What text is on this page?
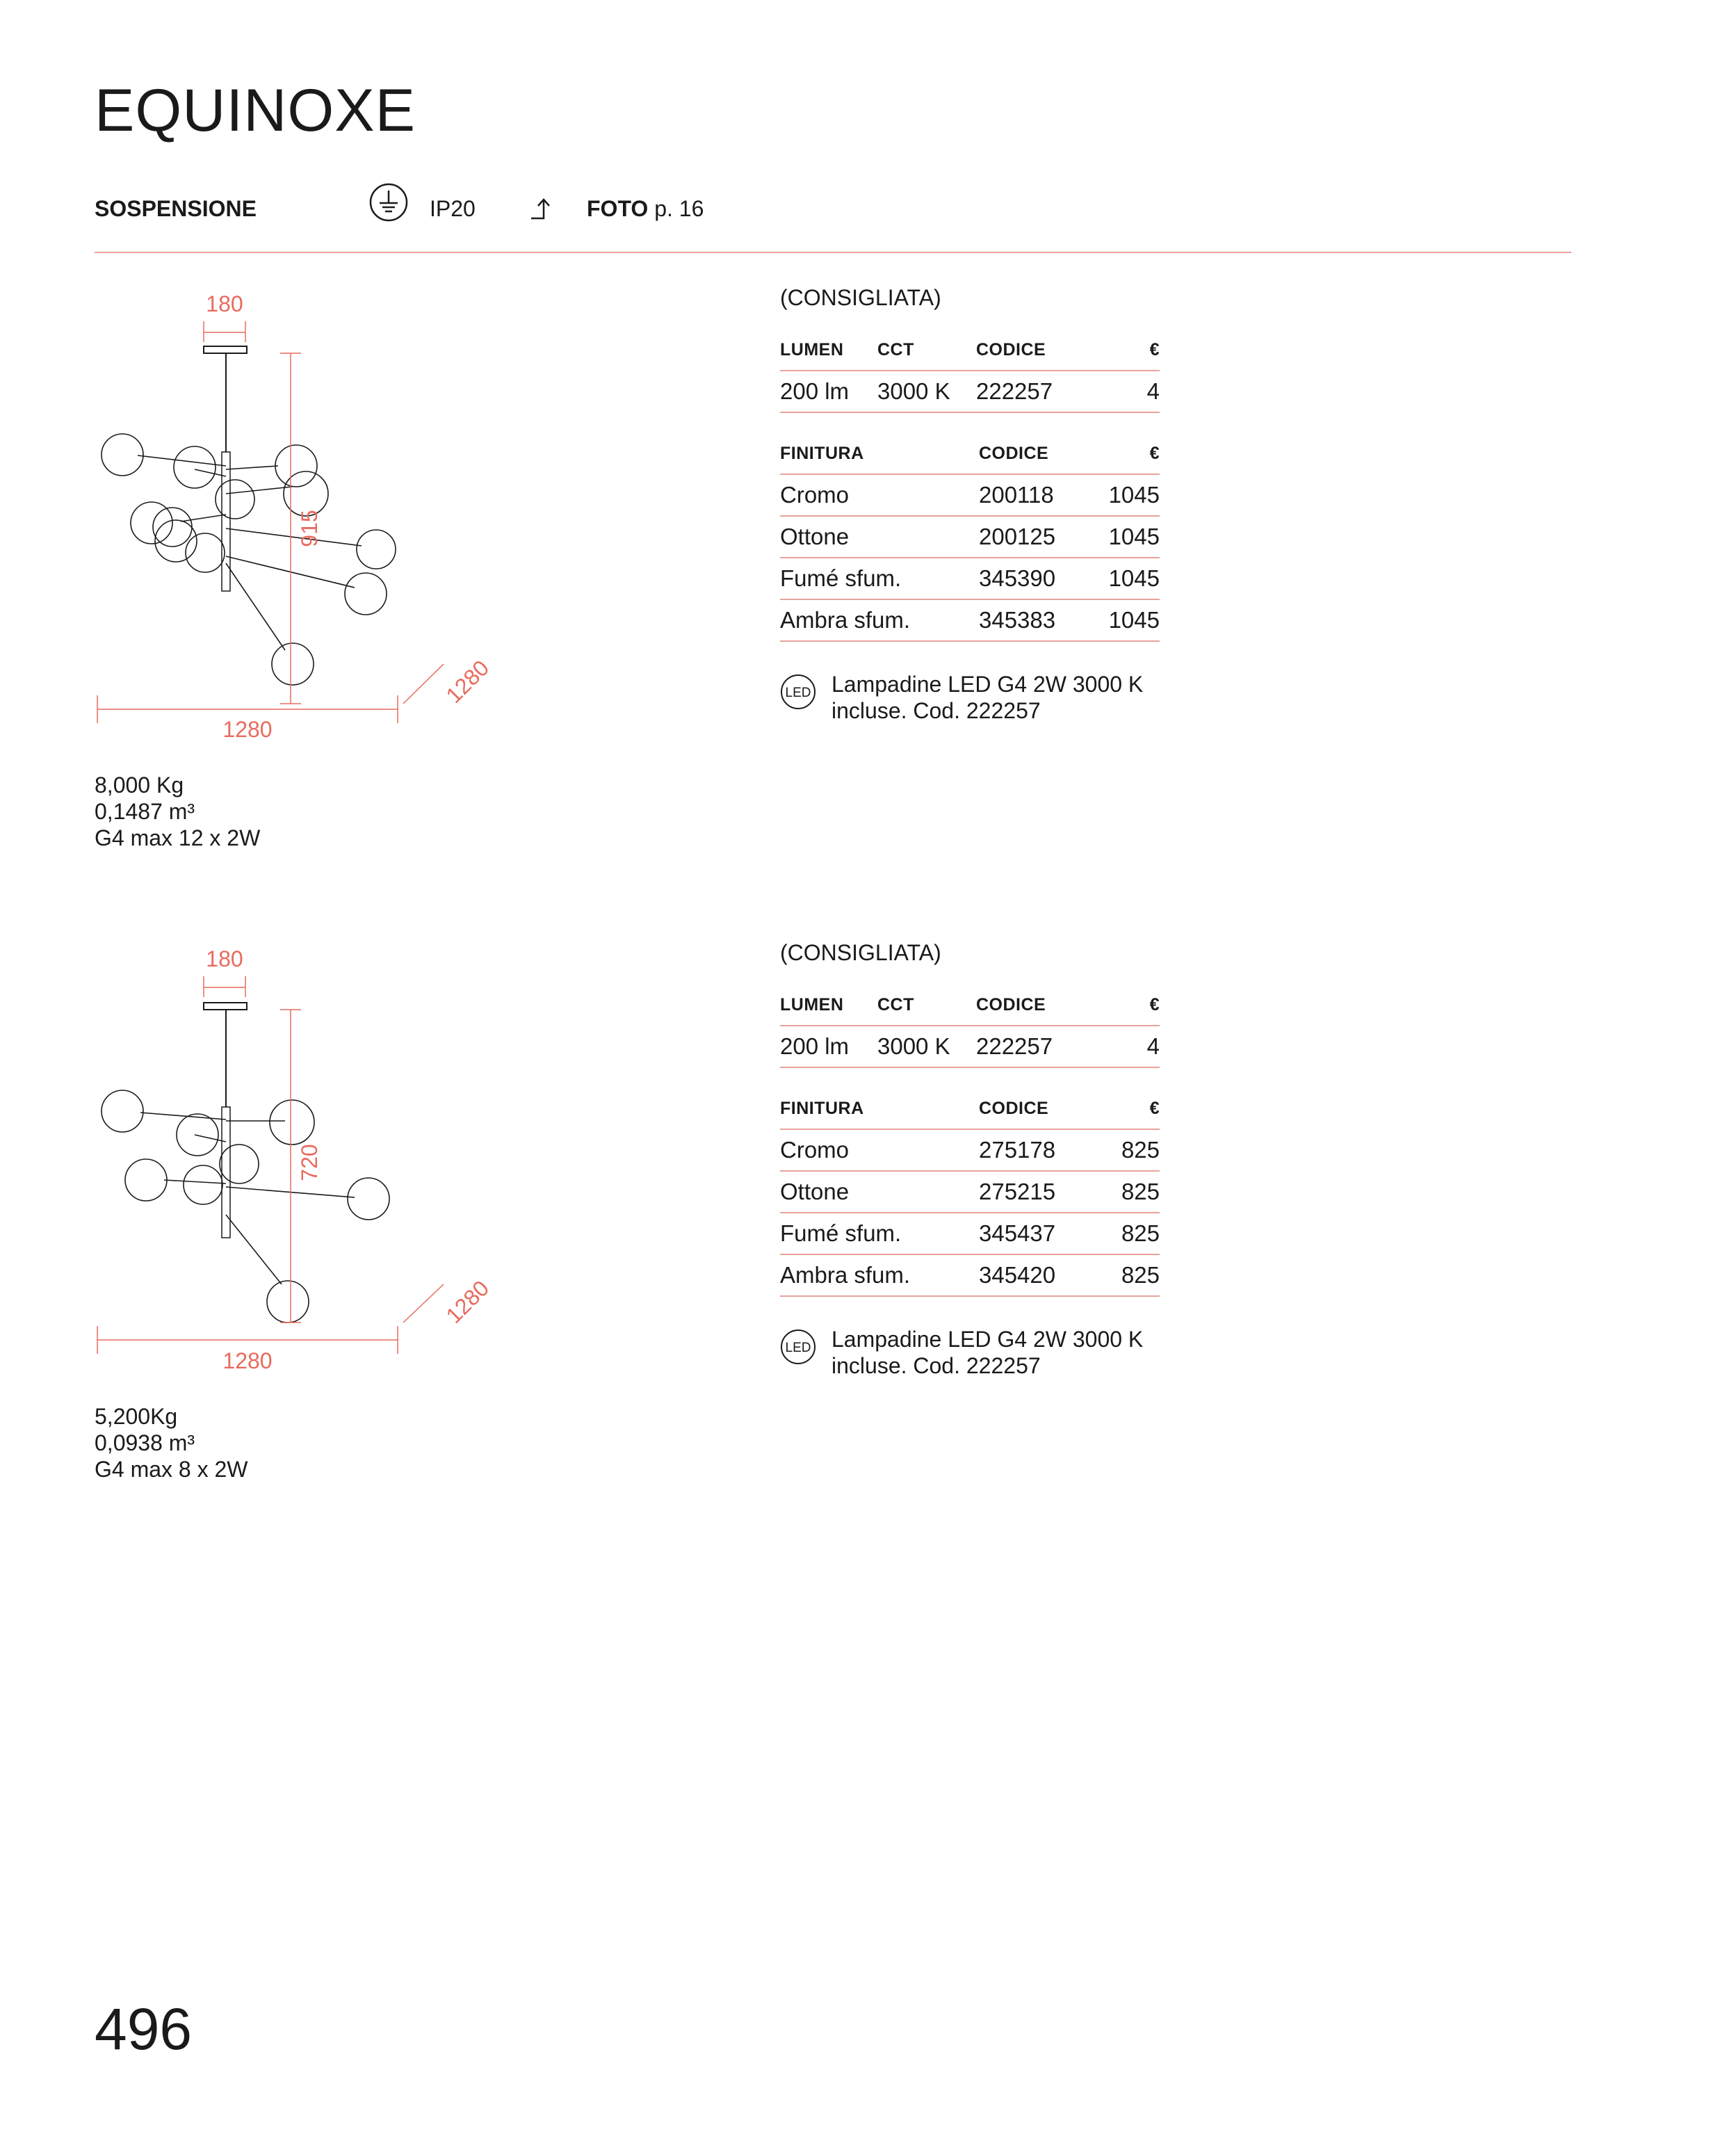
EQUINOXE
SOSPENSIONE	IP20	FOTO p. 16
180
915
1280
1280
8,000 Kg
0,1487 m³
G4 max 12 x 2W
(CONSIGLIATA)
LUMEN	CCT	CODICE	€
200 lm	3000 K	222257	4
FINITURA	CODICE	€
Cromo	200118	1045
Ottone	200125	1045
Fumé sfum.	345390	1045
Ambra sfum.	345383	1045
LED Lampadine LED G4 2W 3000 K
incluse. Cod. 222257
180
720
1280
1280
5,200Kg
0,0938 m³
G4 max 8 x 2W
(CONSIGLIATA)
LUMEN	CCT	CODICE	€
200 lm	3000 K	222257	4
FINITURA	CODICE	€
Cromo	275178	825
Ottone	275215	825
Fumé sfum.	345437	825
Ambra sfum.	345420	825
LED Lampadine LED G4 2W 3000 K
incluse. Cod. 222257
496
